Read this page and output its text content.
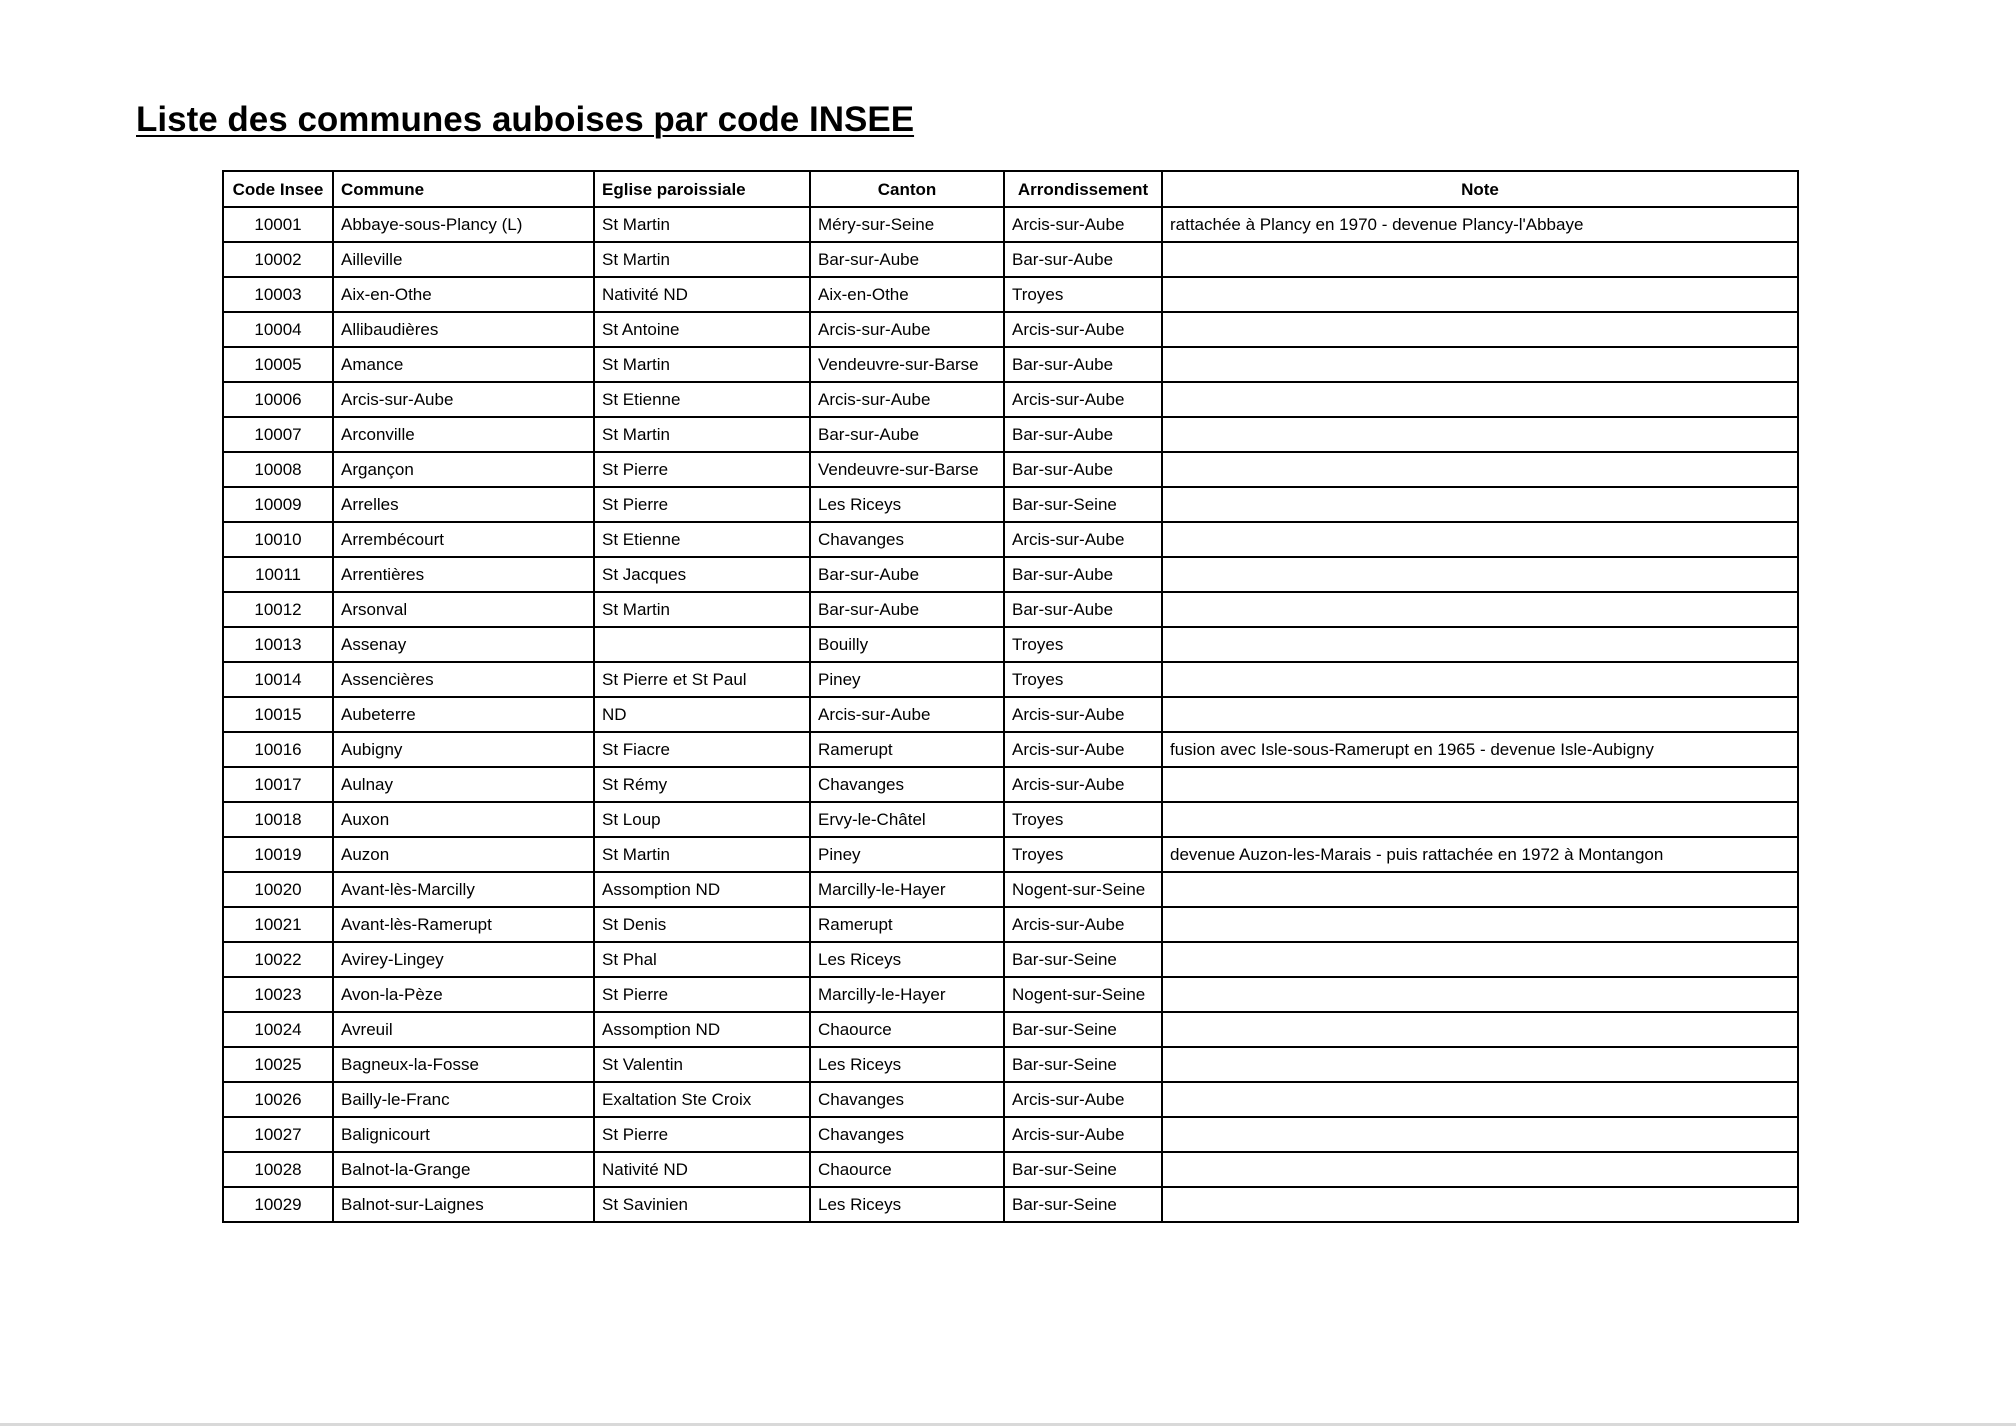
Liste des communes auboises par code INSEE
Code Insee	Commune	Eglise paroissiale	Canton	Arrondissement	Note
10001	Abbaye-sous-Plancy (L)	St Martin	Méry-sur-Seine	Arcis-sur-Aube	rattachée à Plancy en 1970 - devenue Plancy-l'Abbaye
10002	Ailleville	St Martin	Bar-sur-Aube	Bar-sur-Aube	
10003	Aix-en-Othe	Nativité ND	Aix-en-Othe	Troyes	
10004	Allibaudières	St Antoine	Arcis-sur-Aube	Arcis-sur-Aube	
10005	Amance	St Martin	Vendeuvre-sur-Barse	Bar-sur-Aube	
10006	Arcis-sur-Aube	St Etienne	Arcis-sur-Aube	Arcis-sur-Aube	
10007	Arconville	St Martin	Bar-sur-Aube	Bar-sur-Aube	
10008	Argançon	St Pierre	Vendeuvre-sur-Barse	Bar-sur-Aube	
10009	Arrelles	St Pierre	Les Riceys	Bar-sur-Seine	
10010	Arrembécourt	St Etienne	Chavanges	Arcis-sur-Aube	
10011	Arrentières	St Jacques	Bar-sur-Aube	Bar-sur-Aube	
10012	Arsonval	St Martin	Bar-sur-Aube	Bar-sur-Aube	
10013	Assenay		Bouilly	Troyes	
10014	Assencières	St Pierre et St Paul	Piney	Troyes	
10015	Aubeterre	ND	Arcis-sur-Aube	Arcis-sur-Aube	
10016	Aubigny	St Fiacre	Ramerupt	Arcis-sur-Aube	fusion avec Isle-sous-Ramerupt en 1965 - devenue Isle-Aubigny
10017	Aulnay	St Rémy	Chavanges	Arcis-sur-Aube	
10018	Auxon	St Loup	Ervy-le-Châtel	Troyes	
10019	Auzon	St Martin	Piney	Troyes	devenue Auzon-les-Marais - puis rattachée en 1972 à Montangon
10020	Avant-lès-Marcilly	Assomption ND	Marcilly-le-Hayer	Nogent-sur-Seine	
10021	Avant-lès-Ramerupt	St Denis	Ramerupt	Arcis-sur-Aube	
10022	Avirey-Lingey	St Phal	Les Riceys	Bar-sur-Seine	
10023	Avon-la-Pèze	St Pierre	Marcilly-le-Hayer	Nogent-sur-Seine	
10024	Avreuil	Assomption ND	Chaource	Bar-sur-Seine	
10025	Bagneux-la-Fosse	St Valentin	Les Riceys	Bar-sur-Seine	
10026	Bailly-le-Franc	Exaltation Ste Croix	Chavanges	Arcis-sur-Aube	
10027	Balignicourt	St Pierre	Chavanges	Arcis-sur-Aube	
10028	Balnot-la-Grange	Nativité ND	Chaource	Bar-sur-Seine	
10029	Balnot-sur-Laignes	St Savinien	Les Riceys	Bar-sur-Seine	
